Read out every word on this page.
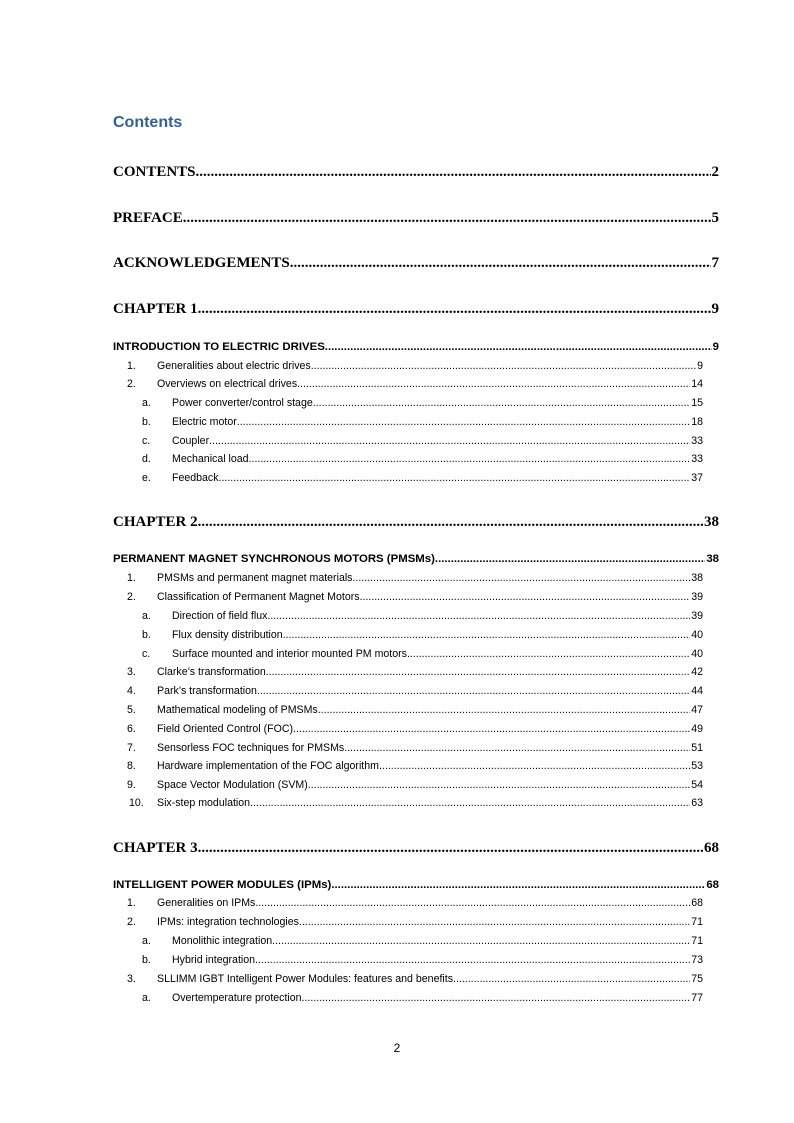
Contents
CONTENTS .....	2
PREFACE .....	5
ACKNOWLEDGEMENTS .....	7
CHAPTER 1 .....	9
INTRODUCTION TO ELECTRIC DRIVES .....	9
1.	Generalities about electric drives .....	9
2.	Overviews on electrical drives .....	14
a.	Power converter/control stage .....	15
b.	Electric motor .....	18
c.	Coupler .....	33
d.	Mechanical load .....	33
e.	Feedback .....	37
CHAPTER 2 .....	38
PERMANENT MAGNET SYNCHRONOUS MOTORS (PMSMs) .....	38
1.	PMSMs and permanent magnet materials .....	38
2.	Classification of Permanent Magnet Motors .....	39
a.	Direction of field flux .....	39
b.	Flux density distribution .....	40
c.	Surface mounted and interior mounted PM motors .....	40
3.	Clarke’s transformation .....	42
4.	Park’s transformation .....	44
5.	Mathematical modeling of PMSMs .....	47
6.	Field Oriented Control (FOC) .....	49
7.	Sensorless FOC techniques for PMSMs .....	51
8.	Hardware implementation of the FOC algorithm .....	53
9.	Space Vector Modulation (SVM) .....	54
10.	Six-step modulation .....	63
CHAPTER 3 .....	68
INTELLIGENT POWER MODULES (IPMs) .....	68
1.	Generalities on IPMs .....	68
2.	IPMs: integration technologies .....	71
a.	Monolithic integration .....	71
b.	Hybrid integration .....	73
3.	SLLIMM IGBT Intelligent Power Modules: features and benefits .....	75
a.	Overtemperature protection .....	77
2
